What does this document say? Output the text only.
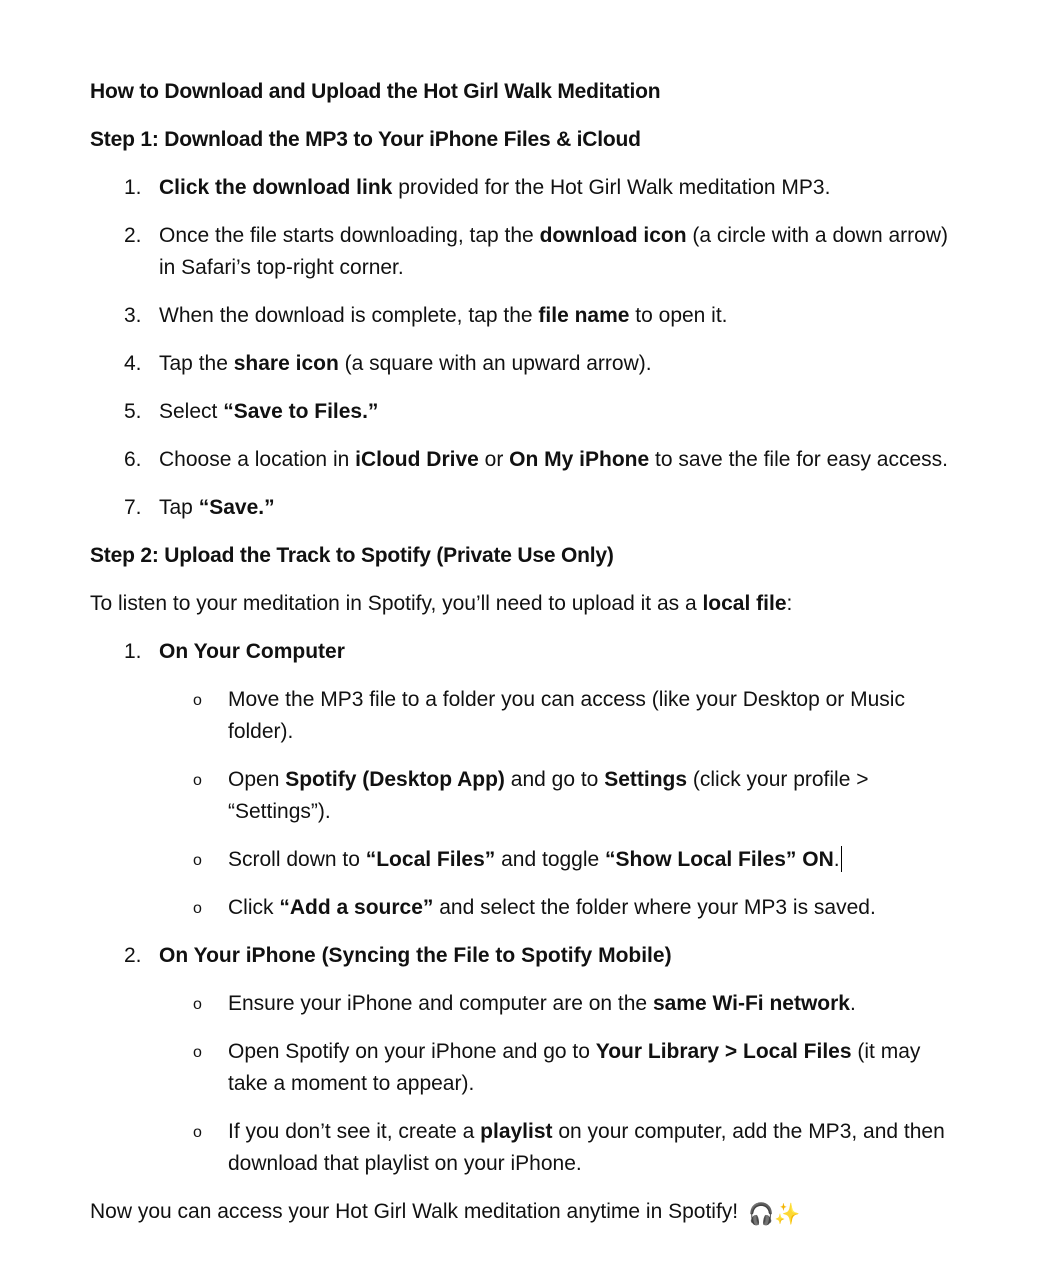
How to Download and Upload the Hot Girl Walk Meditation
Step 1: Download the MP3 to Your iPhone Files & iCloud
1. Click the download link provided for the Hot Girl Walk meditation MP3.
2. Once the file starts downloading, tap the download icon (a circle with a down arrow) in Safari’s top-right corner.
3. When the download is complete, tap the file name to open it.
4. Tap the share icon (a square with an upward arrow).
5. Select “Save to Files.”
6. Choose a location in iCloud Drive or On My iPhone to save the file for easy access.
7. Tap “Save.”
Step 2: Upload the Track to Spotify (Private Use Only)
To listen to your meditation in Spotify, you’ll need to upload it as a local file:
1. On Your Computer
o Move the MP3 file to a folder you can access (like your Desktop or Music folder).
o Open Spotify (Desktop App) and go to Settings (click your profile > “Settings”).
o Scroll down to “Local Files” and toggle “Show Local Files” ON.
o Click “Add a source” and select the folder where your MP3 is saved.
2. On Your iPhone (Syncing the File to Spotify Mobile)
o Ensure your iPhone and computer are on the same Wi-Fi network.
o Open Spotify on your iPhone and go to Your Library > Local Files (it may take a moment to appear).
o If you don’t see it, create a playlist on your computer, add the MP3, and then download that playlist on your iPhone.
Now you can access your Hot Girl Walk meditation anytime in Spotify! 🎧✨
